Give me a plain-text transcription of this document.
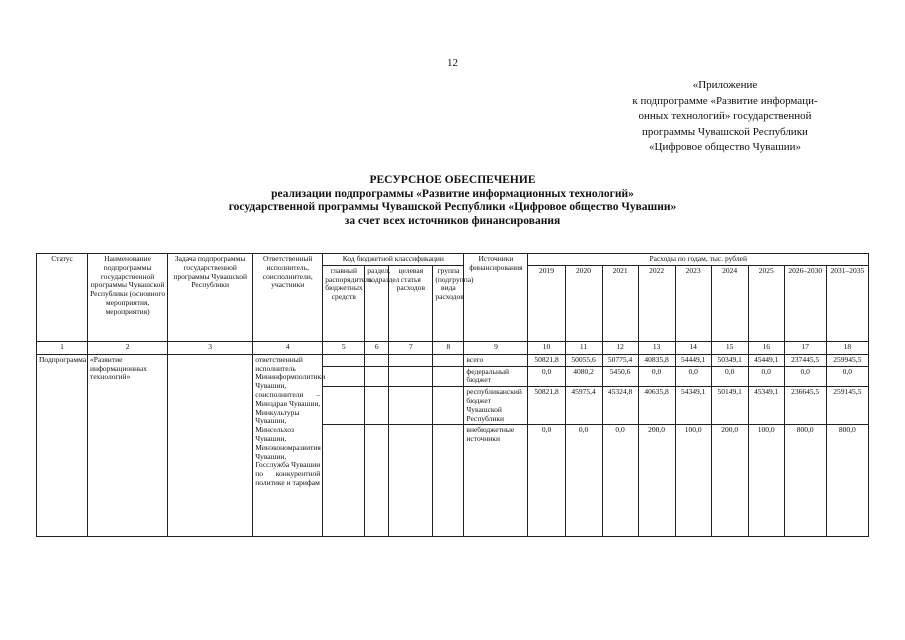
12
«Приложение
к подпрограмме «Развитие информаци-
онных технологий» государственной
программы Чувашской Республики
«Цифровое общество Чувашии»
РЕСУРСНОЕ ОБЕСПЕЧЕНИЕ
реализации подпрограммы «Развитие информационных технологий»
государственной программы Чувашской Республики «Цифровое общество Чувашии»
за счет всех источников финансирования
Статус	Наименование подпрограммы государственной программы Чувашской Республики (основного мероприятия, мероприятия)	Задача подпрограммы государственной программы Чувашской Республики	Ответственный исполнитель, соисполнители, участники	Код бюджетной классификации				Источники финансирования	Расходы по годам, тыс. рублей								
				главный распорядитель бюджетных средств	раздел, подраздел	целевая статья расходов	группа (подгруппа) вида расходов		2019	2020	2021	2022	2023	2024	2025	2026–2030	2031–2035
1	2	3	4	5	6	7	8	9	10	11	12	13	14	15	16	17	18
Подпрограмма	«Развитие информационных технологий»		ответственный исполнитель Мининформполитики Чувашии, соисполнители – Минздрав Чувашии, Минкультуры Чувашии, Минсельхоз Чувашии, Минэкономразвития Чувашии, Госслужба Чувашии по конкурентной политике и тарифам					всего	50821,8	50055,6	50775,4	40835,8	54449,1	50349,1	45449,1	237445,5	259945,5
								федеральный бюджет	0,0	4080,2	5450,6	0,0	0,0	0,0	0,0	0,0	0,0
								республиканский бюджет Чувашской Республики	50821,8	45975,4	45324,8	40635,8	54349,1	50149,1	45349,1	236645,5	259145,5
								внебюджетные источники	0,0	0,0	0,0	200,0	100,0	200,0	100,0	800,0	800,0
